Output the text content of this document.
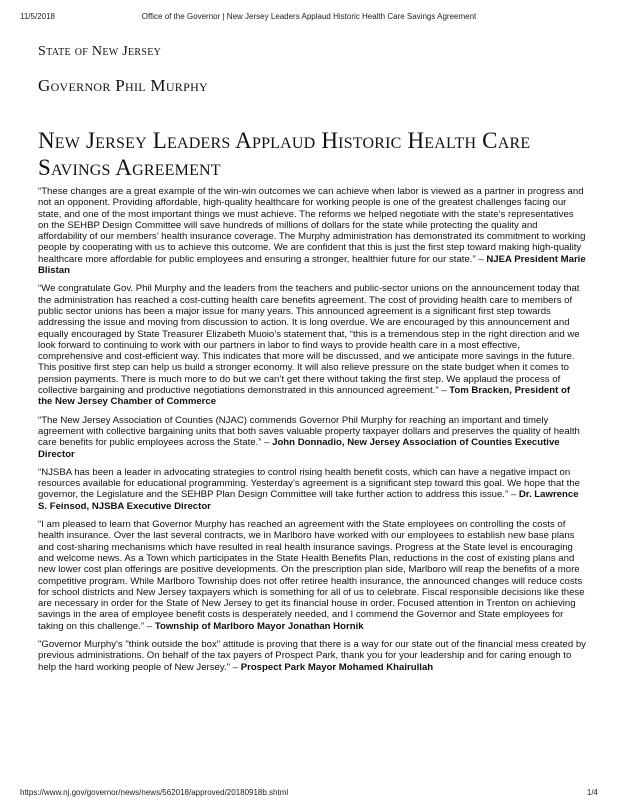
11/5/2018	Office of the Governor | New Jersey Leaders Applaud Historic Health Care Savings Agreement
State of New Jersey
Governor Phil Murphy
New Jersey Leaders Applaud Historic Health Care Savings Agreement

“These changes are a great example of the win-win outcomes we can achieve when labor is viewed as a partner in progress and not an opponent. Providing affordable, high-quality healthcare for working people is one of the greatest challenges facing our state, and one of the most important things we must achieve. The reforms we helped negotiate with the state’s representatives on the SEHBP Design Committee will save hundreds of millions of dollars for the state while protecting the quality and affordability of our members’ health insurance coverage. The Murphy administration has demonstrated its commitment to working people by cooperating with us to achieve this outcome. We are confident that this is just the first step toward making high-quality healthcare more affordable for public employees and ensuring a stronger, healthier future for our state.” – NJEA President Marie Blistan

“We congratulate Gov. Phil Murphy and the leaders from the teachers and public-sector unions on the announcement today that the administration has reached a cost-cutting health care benefits agreement. The cost of providing health care to members of public sector unions has been a major issue for many years. This announced agreement is a significant first step towards addressing the issue and moving from discussion to action. It is long overdue. We are encouraged by this announcement and equally encouraged by State Treasurer Elizabeth Muoio’s statement that, “this is a tremendous step in the right direction and we look forward to continuing to work with our partners in labor to find ways to provide health care in a most effective, comprehensive and cost-efficient way. This indicates that more will be discussed, and we anticipate more savings in the future. This positive first step can help us build a stronger economy. It will also relieve pressure on the state budget when it comes to pension payments. There is much more to do but we can’t get there without taking the first step. We applaud the process of collective bargaining and productive negotiations demonstrated in this announced agreement.” – Tom Bracken, President of the New Jersey Chamber of Commerce

“The New Jersey Association of Counties (NJAC) commends Governor Phil Murphy for reaching an important and timely agreement with collective bargaining units that both saves valuable property taxpayer dollars and preserves the quality of health care benefits for public employees across the State.” – John Donnadio, New Jersey Association of Counties Executive Director

“NJSBA has been a leader in advocating strategies to control rising health benefit costs, which can have a negative impact on resources available for educational programming. Yesterday’s agreement is a significant step toward this goal. We hope that the governor, the Legislature and the SEHBP Plan Design Committee will take further action to address this issue.” – Dr. Lawrence S. Feinsod, NJSBA Executive Director

“I am pleased to learn that Governor Murphy has reached an agreement with the State employees on controlling the costs of health insurance. Over the last several contracts, we in Marlboro have worked with our employees to establish new base plans and cost-sharing mechanisms which have resulted in real health insurance savings. Progress at the State level is encouraging and welcome news. As a Town which participates in the State Health Benefits Plan, reductions in the cost of existing plans and new lower cost plan offerings are positive developments. On the prescription plan side, Marlboro will reap the benefits of a more competitive program. While Marlboro Township does not offer retiree health insurance, the announced changes will reduce costs for school districts and New Jersey taxpayers which is something for all of us to celebrate. Fiscal responsible decisions like these are necessary in order for the State of New Jersey to get its financial house in order. Focused attention in Trenton on achieving savings in the area of employee benefit costs is desperately needed, and I commend the Governor and State employees for taking on this challenge.” – Township of Marlboro Mayor Jonathan Hornik

"Governor Murphy's "think outside the box" attitude is proving that there is a way for our state out of the financial mess created by previous administrations. On behalf of the tax payers of Prospect Park, thank you for your leadership and for caring enough to help the hard working people of New Jersey." – Prospect Park Mayor Mohamed Khairullah

https://www.nj.gov/governor/news/news/562018/approved/20180918b.shtml	1/4
